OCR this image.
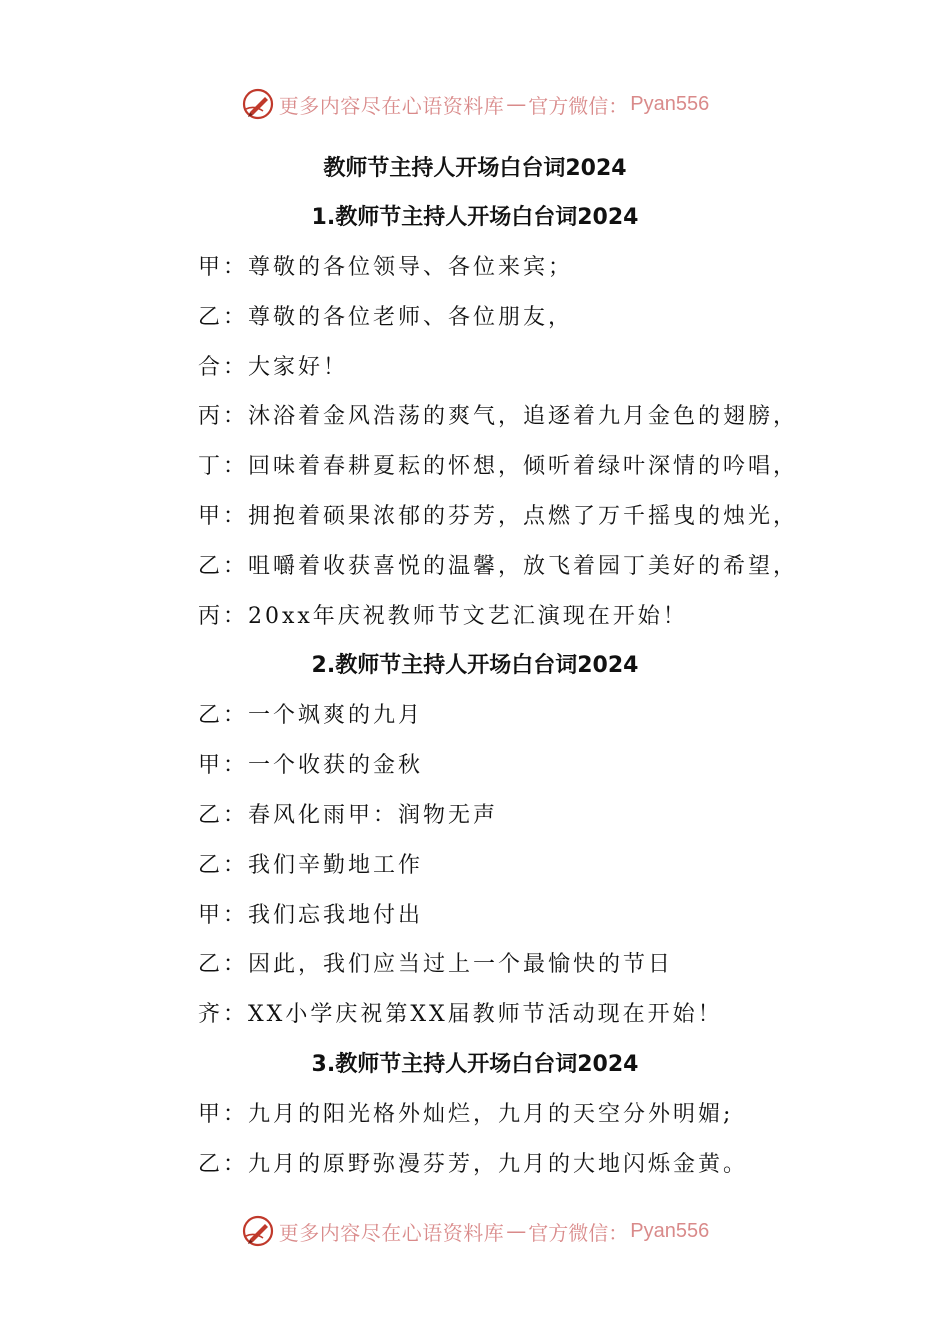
更多内容尽在心语资料库 — 官方微信： Pyan556
教师节主持人开场白台词2024
1.教师节主持人开场白台词2024
甲：尊敬的各位领导、各位来宾；
乙：尊敬的各位老师、各位朋友，
合：大家好！
丙：沐浴着金风浩荡的爽气，追逐着九月金色的翅膀，
丁：回味着春耕夏耘的怀想，倾听着绿叶深情的吟唱，
甲：拥抱着硕果浓郁的芬芳，点燃了万千摇曳的烛光，
乙：咀嚼着收获喜悦的温馨，放飞着园丁美好的希望，
丙：20xx年庆祝教师节文艺汇演现在开始！
2.教师节主持人开场白台词2024
乙：一个飒爽的九月
甲：一个收获的金秋
乙：春风化雨甲：润物无声
乙：我们辛勤地工作
甲：我们忘我地付出
乙：因此，我们应当过上一个最愉快的节日
齐：XX小学庆祝第XX届教师节活动现在开始！
3.教师节主持人开场白台词2024
甲：九月的阳光格外灿烂，九月的天空分外明媚;
乙：九月的原野弥漫芬芳，九月的大地闪烁金黄。
更多内容尽在心语资料库 — 官方微信： Pyan556
